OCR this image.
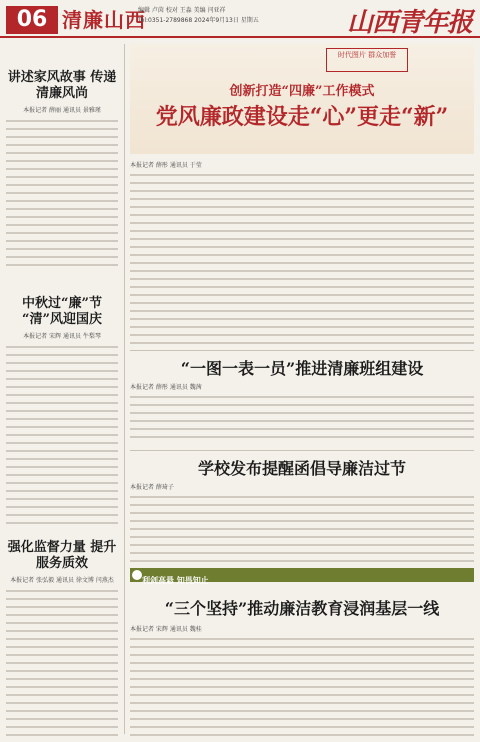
06 清廉山西
编辑 卢茵 校对 王淼 美编 闫亚祥
Tel:0351-2789868 2024年9月13日 星期五	山西青年报
讲述家风故事 传递清廉风尚
本报记者 薛丽 通讯员 景雅瑾
中秋过“廉”节 “清”风迎国庆
本报记者 宋辉 通讯员 牛梨琴
强化监督力量 提升服务质效
本报记者 张弘毅 通讯员 徐文博 闫燕杰
时代图片 群众加誉
创新打造“四廉”工作模式
党风廉政建设走“心”更走“新”
本报记者 薛彤 通讯员 于莹
“一图一表一员”推进清廉班组建设
本报记者 薛彤 通讯员 魏茜
学校发布提醒函倡导廉洁过节
本报记者 薛琦子
利剑高悬 知畏知止
“三个坚持”推动廉洁教育浸润基层一线
本报记者 宋辉 通讯员 魏桂
